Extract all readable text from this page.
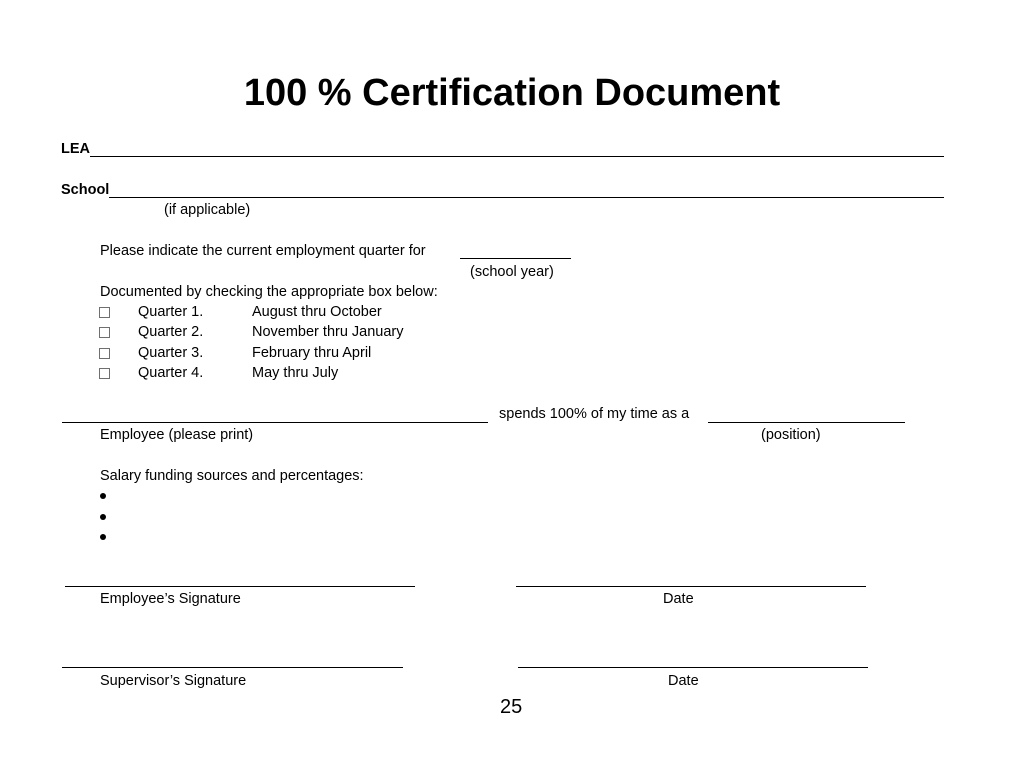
100 % Certification Document
LEA
School
(if applicable)
Please indicate the current employment quarter for
(school year)
Documented by checking the appropriate box below:
Quarter 1.	August thru October
Quarter 2.	November thru January
Quarter 3.	February thru April
Quarter 4.	May thru July
spends 100% of my time as a
Employee (please print)	(position)
Salary funding sources and percentages:
Employee’s Signature	Date
Supervisor’s Signature	Date
25
